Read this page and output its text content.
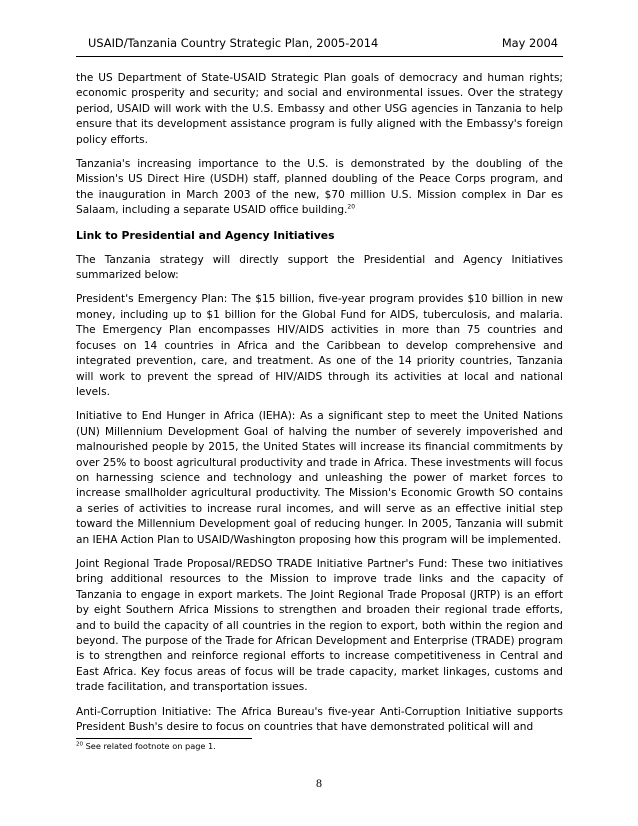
USAID/Tanzania Country Strategic Plan, 2005-2014	May 2004

the US Department of State-USAID Strategic Plan goals of democracy and human rights; economic prosperity and security; and social and environmental issues. Over the strategy period, USAID will work with the U.S. Embassy and other USG agencies in Tanzania to help ensure that its development assistance program is fully aligned with the Embassy's foreign policy efforts.

Tanzania's increasing importance to the U.S. is demonstrated by the doubling of the Mission's US Direct Hire (USDH) staff, planned doubling of the Peace Corps program, and the inauguration in March 2003 of the new, $70 million U.S. Mission complex in Dar es Salaam, including a separate USAID office building.$^{20}$

Link to Presidential and Agency Initiatives

The Tanzania strategy will directly support the Presidential and Agency Initiatives summarized below:

President's Emergency Plan: The $15 billion, five-year program provides $10 billion in new money, including up to $1 billion for the Global Fund for AIDS, tuberculosis, and malaria. The Emergency Plan encompasses HIV/AIDS activities in more than 75 countries and focuses on 14 countries in Africa and the Caribbean to develop comprehensive and integrated prevention, care, and treatment. As one of the 14 priority countries, Tanzania will work to prevent the spread of HIV/AIDS through its activities at local and national levels.

Initiative to End Hunger in Africa (IEHA): As a significant step to meet the United Nations (UN) Millennium Development Goal of halving the number of severely impoverished and malnourished people by 2015, the United States will increase its financial commitments by over 25% to boost agricultural productivity and trade in Africa. These investments will focus on harnessing science and technology and unleashing the power of market forces to increase smallholder agricultural productivity. The Mission's Economic Growth SO contains a series of activities to increase rural incomes, and will serve as an effective initial step toward the Millennium Development goal of reducing hunger. In 2005, Tanzania will submit an IEHA Action Plan to USAID/Washington proposing how this program will be implemented.

Joint Regional Trade Proposal/REDSO TRADE Initiative Partner's Fund: These two initiatives bring additional resources to the Mission to improve trade links and the capacity of Tanzania to engage in export markets. The Joint Regional Trade Proposal (JRTP) is an effort by eight Southern Africa Missions to strengthen and broaden their regional trade efforts, and to build the capacity of all countries in the region to export, both within the region and beyond. The purpose of the Trade for African Development and Enterprise (TRADE) program is to strengthen and reinforce regional efforts to increase competitiveness in Central and East Africa. Key focus areas of focus will be trade capacity, market linkages, customs and trade facilitation, and transportation issues.

Anti-Corruption Initiative: The Africa Bureau's five-year Anti-Corruption Initiative supports President Bush's desire to focus on countries that have demonstrated political will and

$^{20}$ See related footnote on page 1.
8
